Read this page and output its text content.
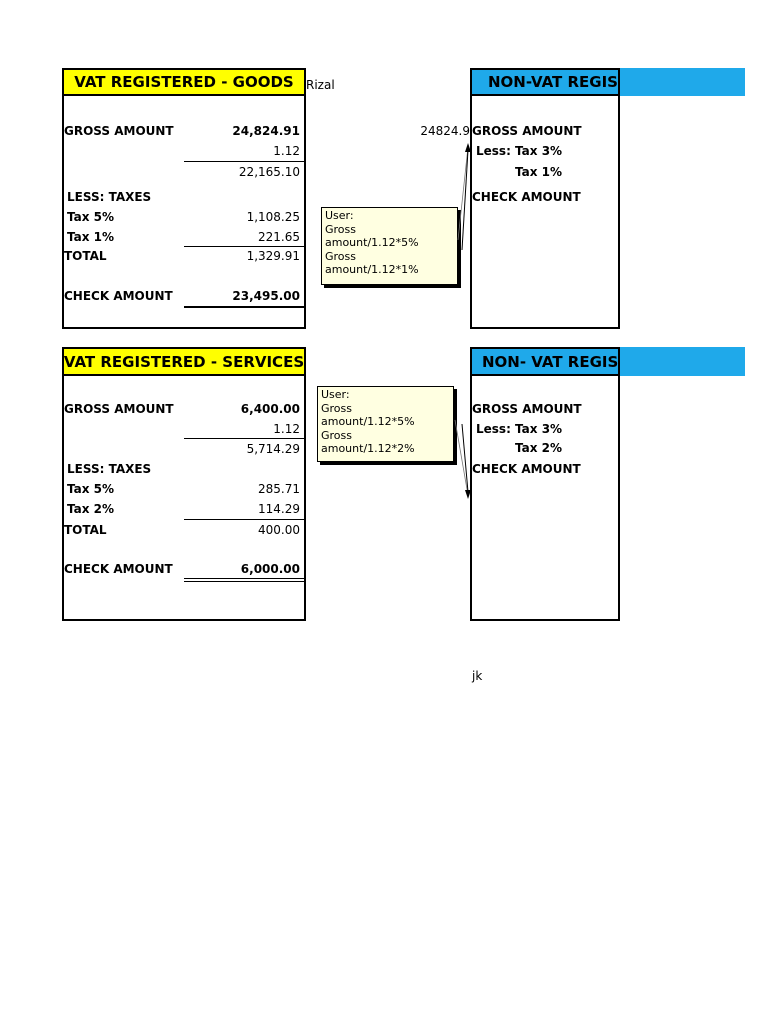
VAT REGISTERED - GOODS	Rizal
GROSS AMOUNT	24,824.91
1.12
22,165.10
LESS: TAXES
Tax 5%	1,108.25
Tax 1%	221.65
TOTAL	1,329.91
CHECK AMOUNT	23,495.00
User:
Gross
amount/1.12*5%
Gross
amount/1.12*1%
VAT REGISTERED - SERVICES
GROSS AMOUNT	6,400.00
1.12
5,714.29
LESS: TAXES
Tax 5%	285.71
Tax 2%	114.29
TOTAL	400.00
CHECK AMOUNT	6,000.00
User:
Gross
amount/1.12*5%
Gross
amount/1.12*2%
NON-VAT REGIS
24824.9 GROSS AMOUNT
Less: Tax 3%
Tax 1%
CHECK AMOUNT
NON- VAT REGIS
GROSS AMOUNT
Less: Tax 3%
Tax 2%
CHECK AMOUNT
jk
